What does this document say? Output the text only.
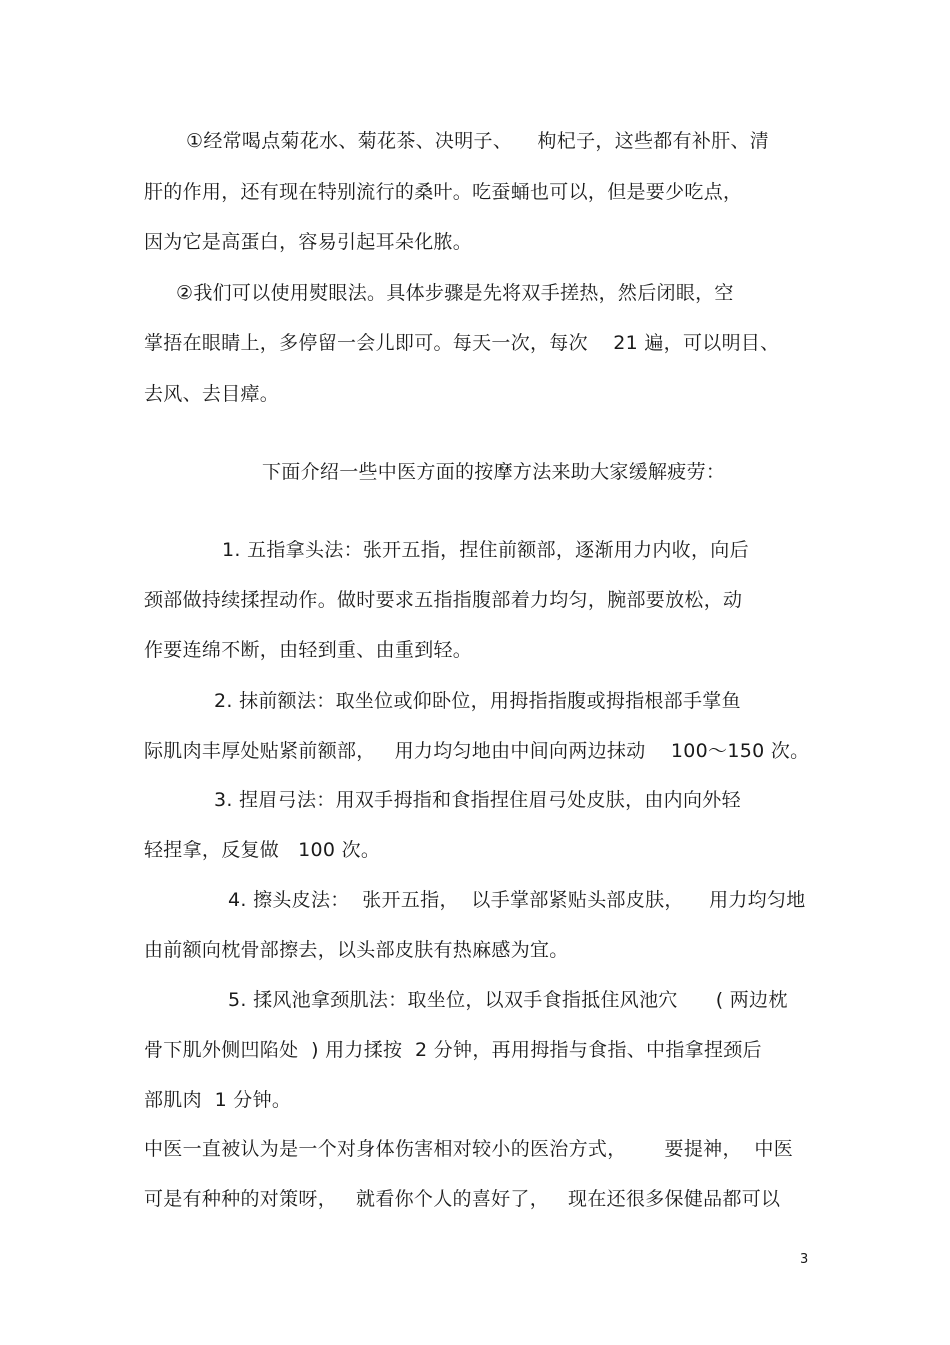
①经常喝点菊花水、菊花茶、决明子、    枸杞子，这些都有补肝、清
肝的作用，还有现在特别流行的桑叶。吃蚕蛹也可以，但是要少吃点，
因为它是高蛋白，容易引起耳朵化脓。
②我们可以使用熨眼法。具体步骤是先将双手搓热，然后闭眼，空
掌捂在眼睛上，多停留一会儿即可。每天一次，每次    21 遍，可以明目、
去风、去目瘴。
下面介绍一些中医方面的按摩方法来助大家缓解疲劳：
1. 五指拿头法：张开五指，捏住前额部，逐渐用力内收，向后
颈部做持续揉捏动作。做时要求五指指腹部着力均匀，腕部要放松，动
作要连绵不断，由轻到重、由重到轻。
2. 抹前额法：取坐位或仰卧位，用拇指指腹或拇指根部手掌鱼
际肌肉丰厚处贴紧前额部，   用力均匀地由中间向两边抹动    100～150 次。
3. 捏眉弓法：用双手拇指和食指捏住眉弓处皮肤，由内向外轻
轻捏拿，反复做   100 次。
4. 擦头皮法：  张开五指，  以手掌部紧贴头部皮肤，    用力均匀地
由前额向枕骨部擦去，以头部皮肤有热麻感为宜。
5. 揉风池拿颈肌法：取坐位，以双手食指抵住风池穴      ( 两边枕
骨下肌外侧凹陷处  ) 用力揉按  2 分钟，再用拇指与食指、中指拿捏颈后
部肌肉  1 分钟。
中医一直被认为是一个对身体伤害相对较小的医治方式，      要提神，  中医
可是有种种的对策呀，   就看你个人的喜好了，   现在还很多保健品都可以
3
